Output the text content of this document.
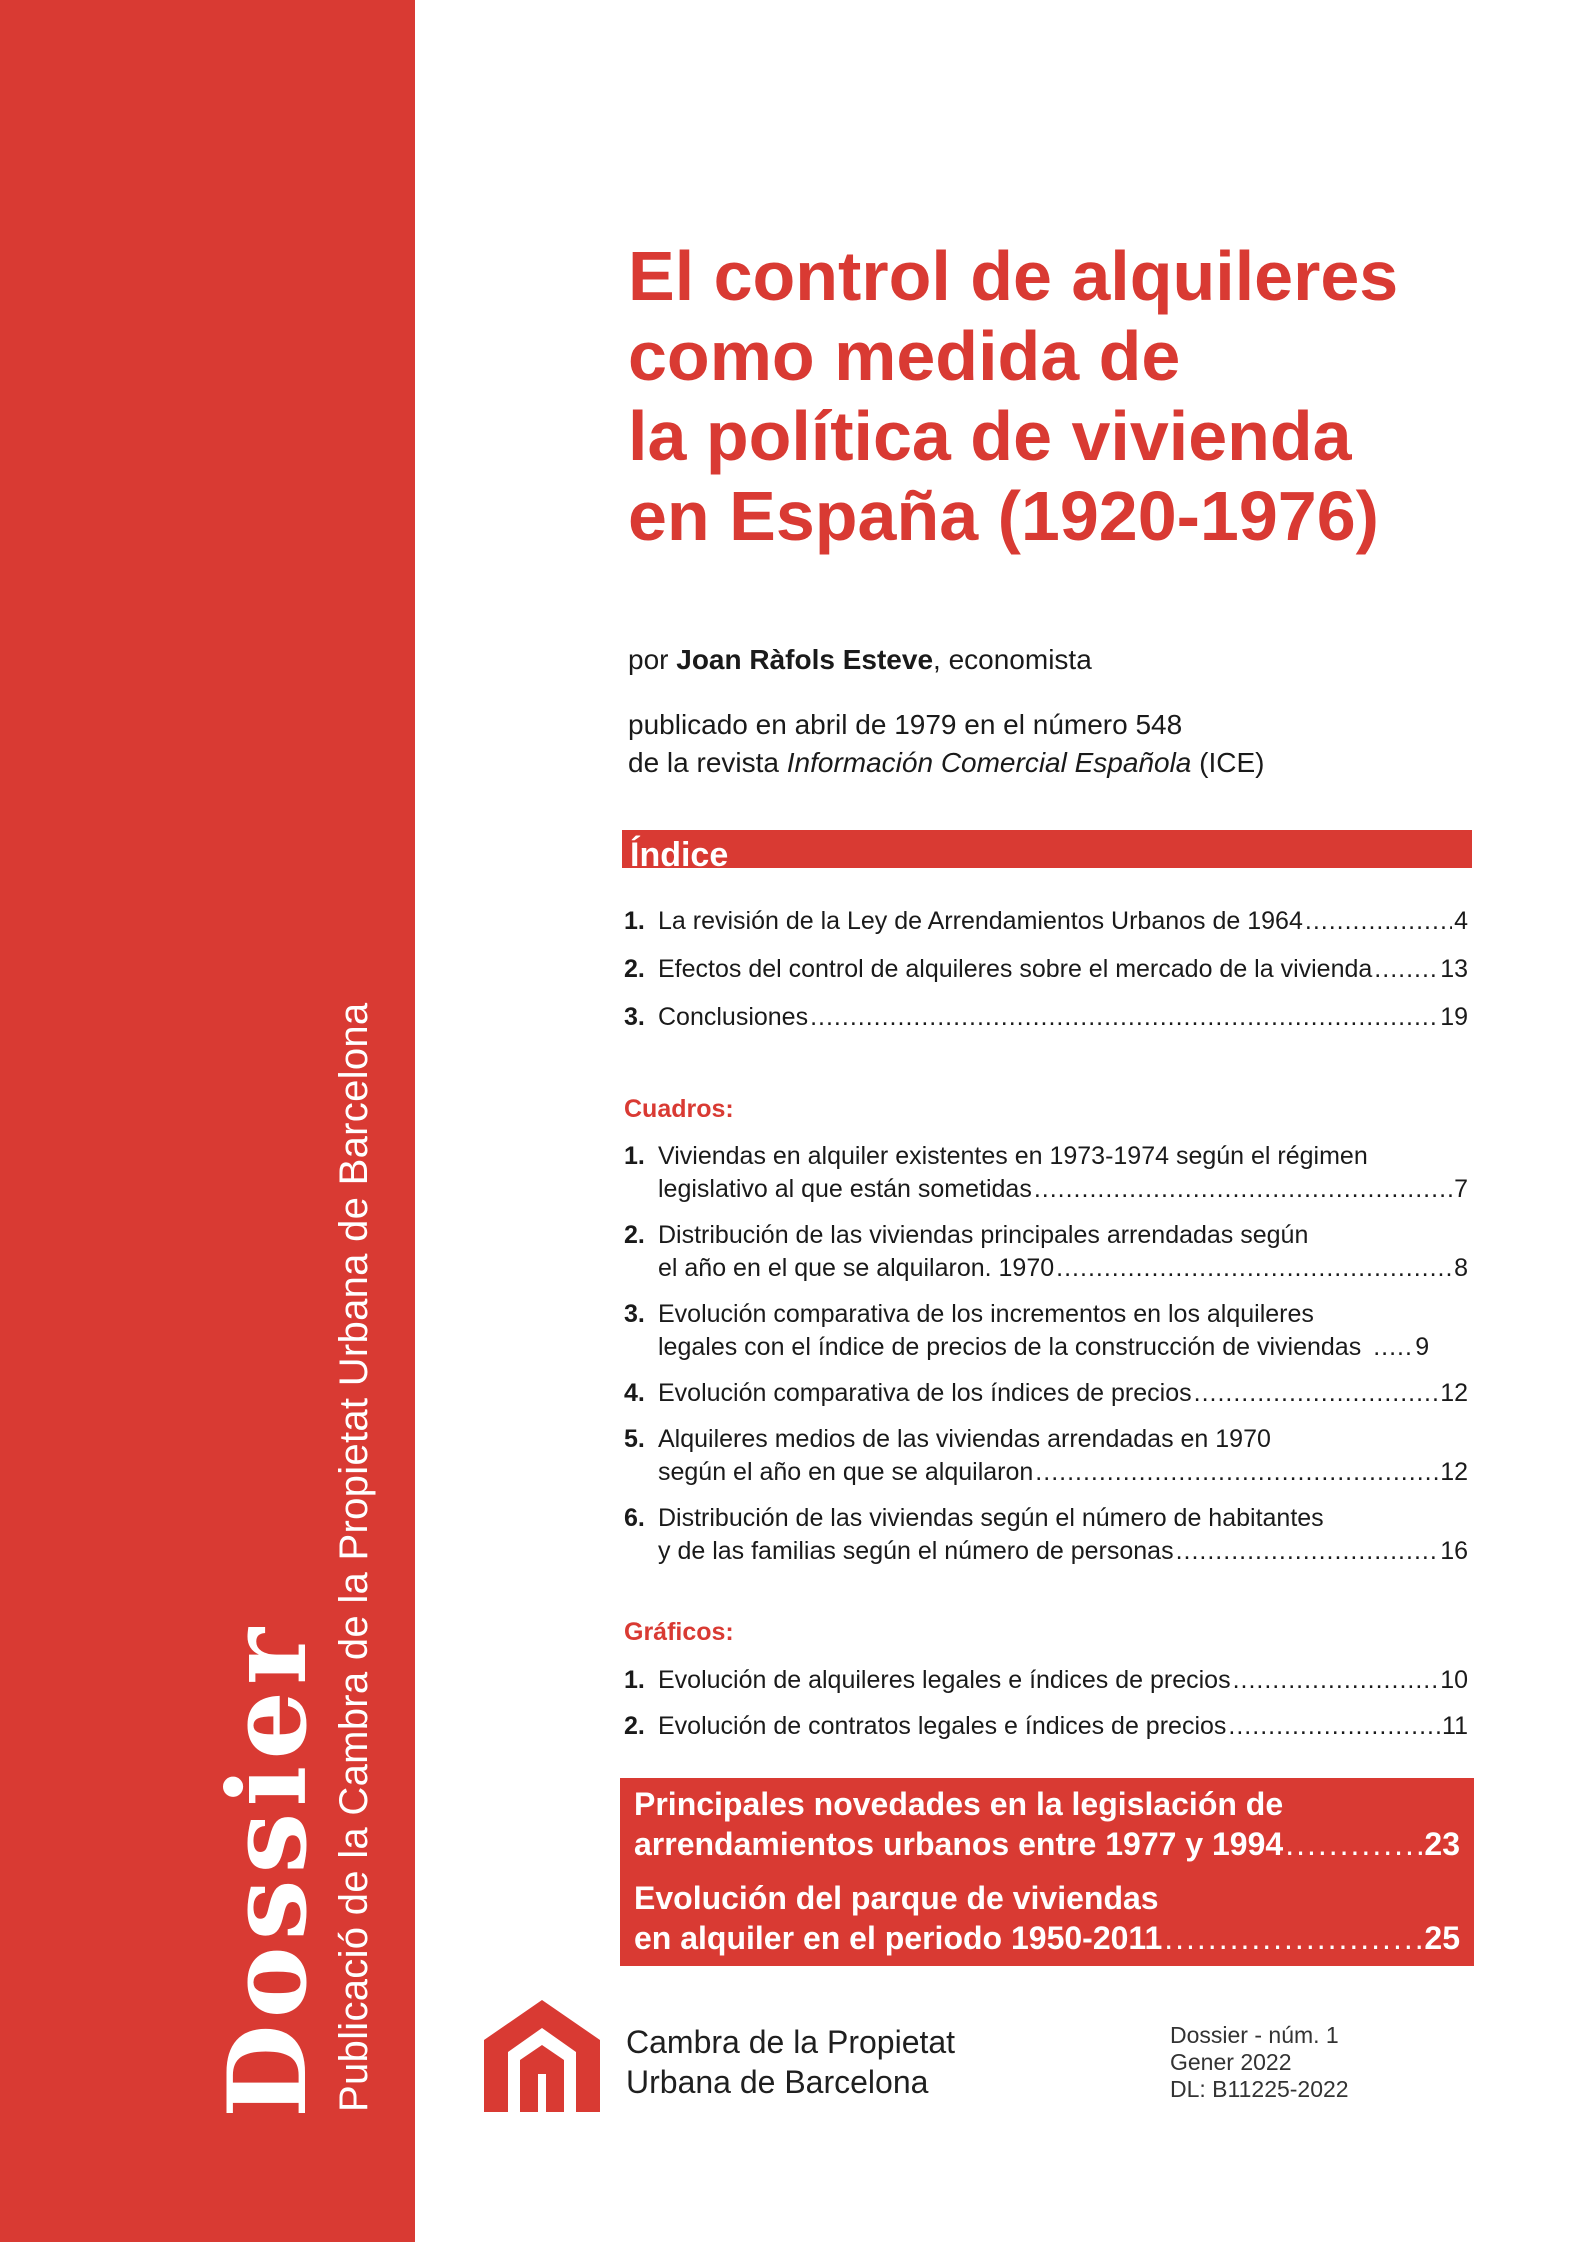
Dossier Publicació de la Cambra de la Propietat Urbana de Barcelona
El control de alquileres
como medida de
la política de vivienda
en España (1920-1976)

por Joan Ràfols Esteve, economista

publicado en abril de 1979 en el número 548
de la revista Información Comercial Española (ICE)

Índice
1. La revisión de la Ley de Arrendamientos Urbanos de 1964 .....	4
2. Efectos del control de alquileres sobre el mercado de la vivienda .....	13
3. Conclusiones .....	19
Cuadros:
1. Viviendas en alquiler existentes en 1973-1974 según el régimen
legislativo al que están sometidas .....	7
2. Distribución de las viviendas principales arrendadas según
el año en el que se alquilaron. 1970 .....	8
3. Evolución comparativa de los incrementos en los alquileres
legales con el índice de precios de la construcción de viviendas ..... 9
4. Evolución comparativa de los índices de precios .....	12
5. Alquileres medios de las viviendas arrendadas en 1970
según el año en que se alquilaron .....	12
6. Distribución de las viviendas según el número de habitantes
y de las familias según el número de personas .....	16
Gráficos:
1. Evolución de alquileres legales e índices de precios .....	10
2. Evolución de contratos legales e índices de precios .....	11
Principales novedades en la legislación de
arrendamientos urbanos entre 1977 y 1994 .....	23
Evolución del parque de viviendas
en alquiler en el periodo 1950-2011 .....	25
Cambra de la Propietat
Urbana de Barcelona
Dossier - núm. 1
Gener 2022
DL: B11225-2022
